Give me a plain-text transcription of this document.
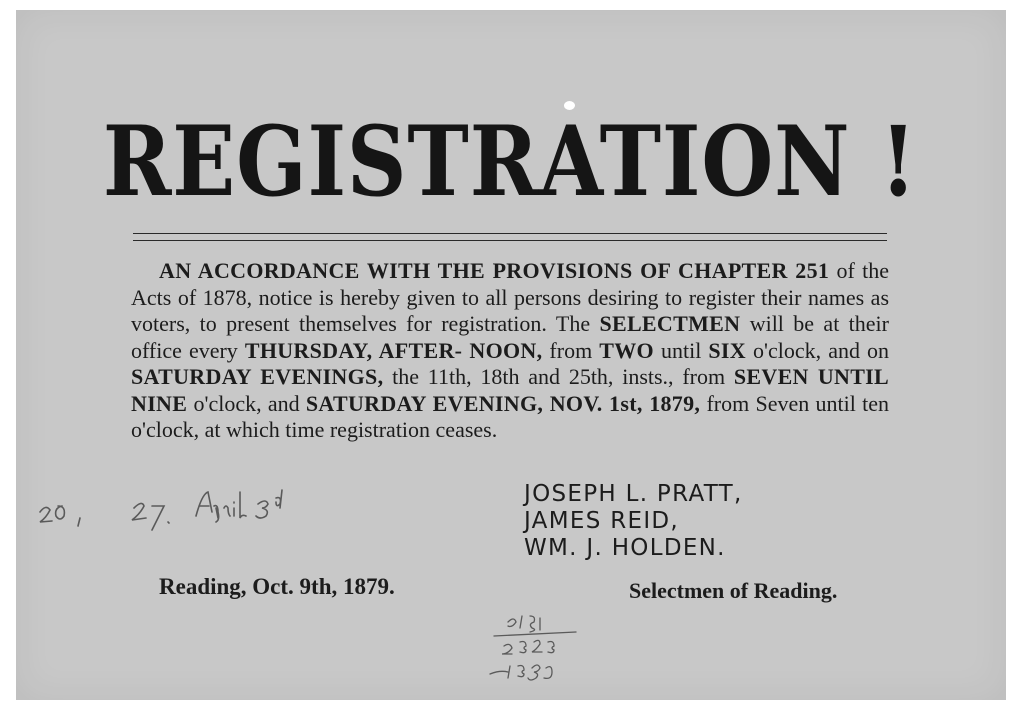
REGISTRATION !
AN ACCORDANCE WITH THE PROVISIONS OF CHAPTER 251 of the Acts of 1878, notice is hereby given to all persons desiring to register their names as voters, to present themselves for registration. The SELECTMEN will be at their office every THURSDAY, AFTER- NOON, from TWO until SIX o'clock, and on SATURDAY EVENINGS, the 11th, 18th and 25th, insts., from SEVEN UNTIL NINE o'clock, and SATURDAY EVENING, NOV. 1st, 1879, from Seven until ten o'clock, at which time registration ceases.
JOSEPH L. PRATT,
JAMES REID,
WM. J. HOLDEN.
Reading, Oct. 9th, 1879.	Selectmen of Reading.
